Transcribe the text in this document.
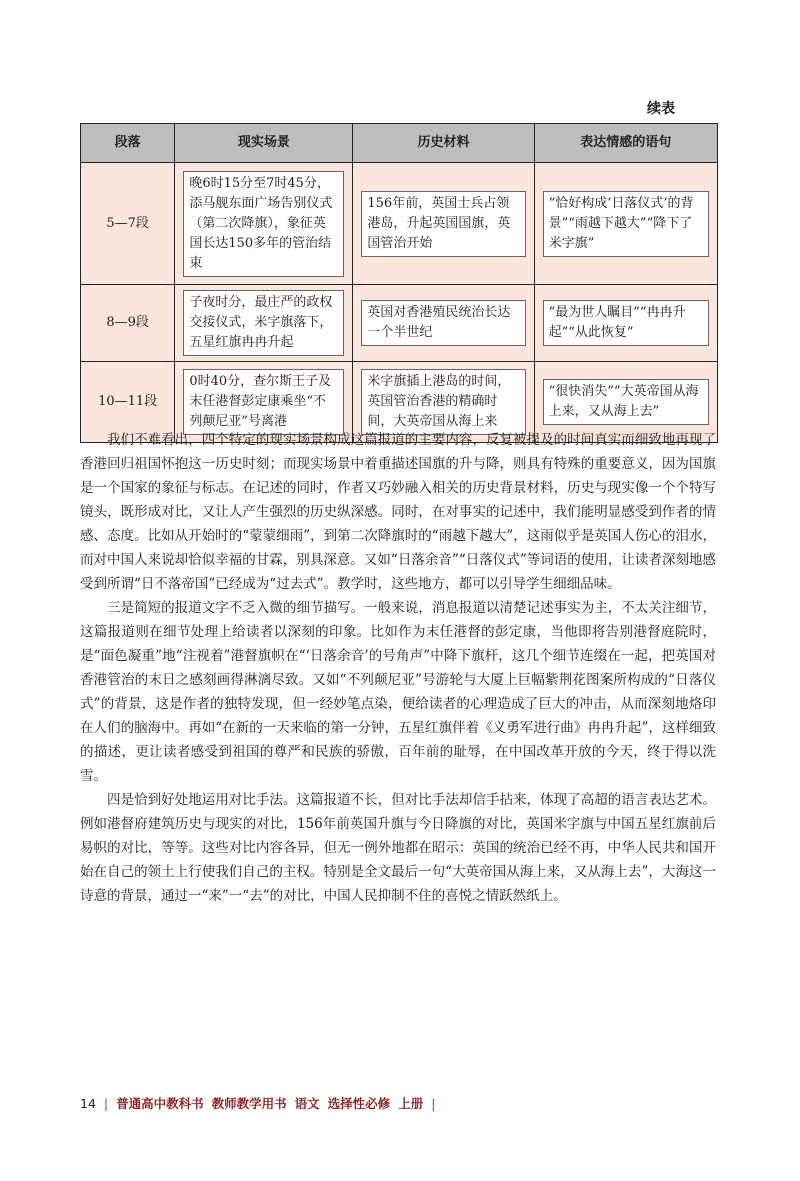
续表
段落	现实场景	历史材料	表达情感的语句
5—7段	晚6时15分至7时45分，添马舰东面广场告别仪式（第二次降旗），象征英国长达150多年的管治结束	156年前，英国士兵占领港岛，升起英国国旗，英国管治开始	“恰好构成‘日落仪式’的背景”“雨越下越大”“降下了米字旗”
8—9段	子夜时分，最庄严的政权交接仪式，米字旗落下，五星红旗冉冉升起	英国对香港殖民统治长达一个半世纪	“最为世人瞩目”“冉冉升起”“从此恢复”
10—11段	0时40分，查尔斯王子及末任港督彭定康乘坐“不列颠尼亚”号离港	米字旗插上港岛的时间，英国管治香港的精确时间，大英帝国从海上来	“很快消失”“大英帝国从海上来，又从海上去”

我们不难看出，四个特定的现实场景构成这篇报道的主要内容，反复被提及的时间真实而细致地再现了香港回归祖国怀抱这一历史时刻；而现实场景中着重描述国旗的升与降，则具有特殊的重要意义，因为国旗是一个国家的象征与标志。在记述的同时，作者又巧妙融入相关的历史背景材料，历史与现实像一个个特写镜头，既形成对比，又让人产生强烈的历史纵深感。同时，在对事实的记述中，我们能明显感受到作者的情感、态度。比如从开始时的“蒙蒙细雨”，到第二次降旗时的“雨越下越大”，这雨似乎是英国人伤心的泪水，而对中国人来说却恰似幸福的甘霖，别具深意。又如“日落余音”“日落仪式”等词语的使用，让读者深刻地感受到所谓“日不落帝国”已经成为“过去式”。教学时，这些地方，都可以引导学生细细品味。

三是简短的报道文字不乏入微的细节描写。一般来说，消息报道以清楚记述事实为主，不太关注细节，这篇报道则在细节处理上给读者以深刻的印象。比如作为末任港督的彭定康，当他即将告别港督庭院时，是“面色凝重”地“注视着”港督旗帜在“‘日落余音’的号角声”中降下旗杆，这几个细节连缀在一起，把英国对香港管治的末日之感刻画得淋漓尽致。又如“不列颠尼亚”号游轮与大厦上巨幅紫荆花图案所构成的“日落仪式”的背景，这是作者的独特发现，但一经妙笔点染，便给读者的心理造成了巨大的冲击，从而深刻地烙印在人们的脑海中。再如“在新的一天来临的第一分钟，五星红旗伴着《义勇军进行曲》冉冉升起”，这样细致的描述，更让读者感受到祖国的尊严和民族的骄傲，百年前的耻辱，在中国改革开放的今天，终于得以洗雪。

四是恰到好处地运用对比手法。这篇报道不长，但对比手法却信手拈来，体现了高超的语言表达艺术。例如港督府建筑历史与现实的对比，156年前英国升旗与今日降旗的对比，英国米字旗与中国五星红旗前后易帜的对比，等等。这些对比内容各异，但无一例外地都在昭示：英国的统治已经不再，中华人民共和国开始在自己的领土上行使我们自己的主权。特别是全文最后一句“大英帝国从海上来，又从海上去”，大海这一诗意的背景，通过一“来”一“去”的对比，中国人民抑制不住的喜悦之情跃然纸上。

14 | 普通高中教科书 教师教学用书 语文 选择性必修 上册 |
